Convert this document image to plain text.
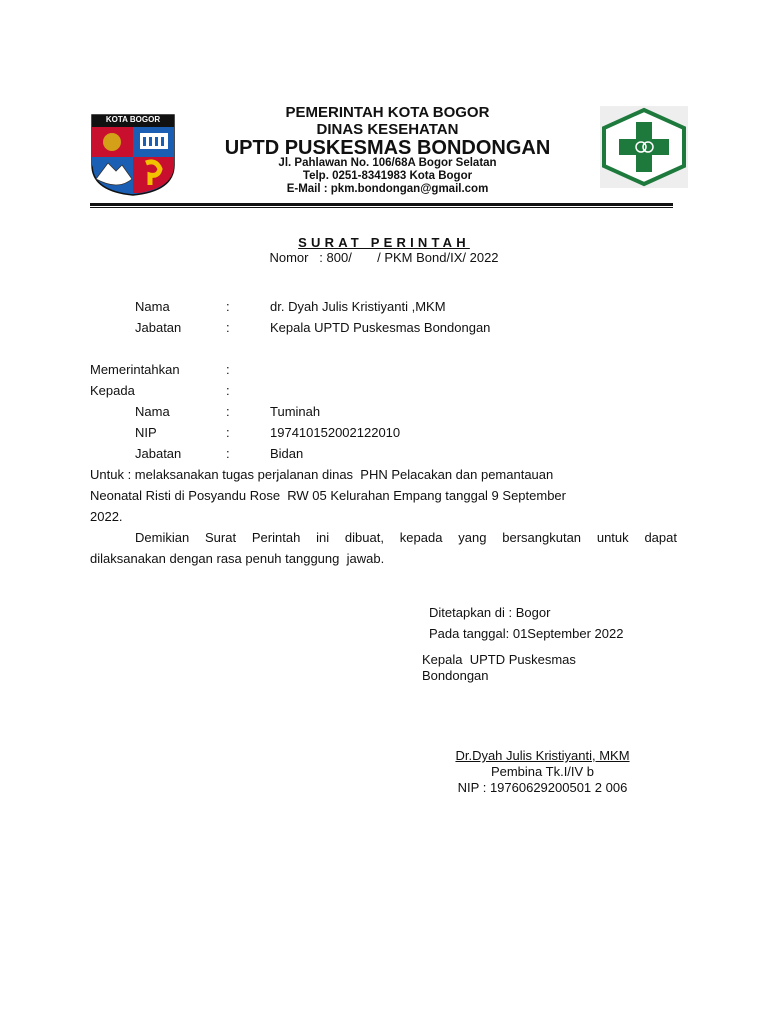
KOTA BOGOR	PEMERINTAH KOTA BOGOR
DINAS KESEHATAN
UPTD PUSKESMAS BONDONGAN
Jl. Pahlawan No. 106/68A Bogor Selatan
Telp. 0251-8341983 Kota Bogor
E-Mail : pkm.bondongan@gmail.com
SURAT PERINTAH
Nomor   : 800/       / PKM Bond/IX/ 2022
Nama	:	dr. Dyah Julis Kristiyanti ,MKM
Jabatan	:	Kepala UPTD Puskesmas Bondongan
Memerintahkan	:
Kepada	:
Nama	:	Tuminah
NIP	:	197410152002122010
Jabatan	:	Bidan
Untuk : melaksanakan tugas perjalanan dinas  PHN Pelacakan dan pemantauan
Neonatal Risti di Posyandu Rose  RW 05 Kelurahan Empang tanggal 9 September
2022.
Demikian Surat Perintah ini dibuat, kepada yang bersangkutan untuk dapat
dilaksanakan dengan rasa penuh tanggung  jawab.
Ditetapkan di : Bogor
Pada tanggal: 01September 2022
Kepala  UPTD Puskesmas
Bondongan
Dr.Dyah Julis Kristiyanti, MKM
Pembina Tk.I/IV b
NIP : 19760629200501 2 006
